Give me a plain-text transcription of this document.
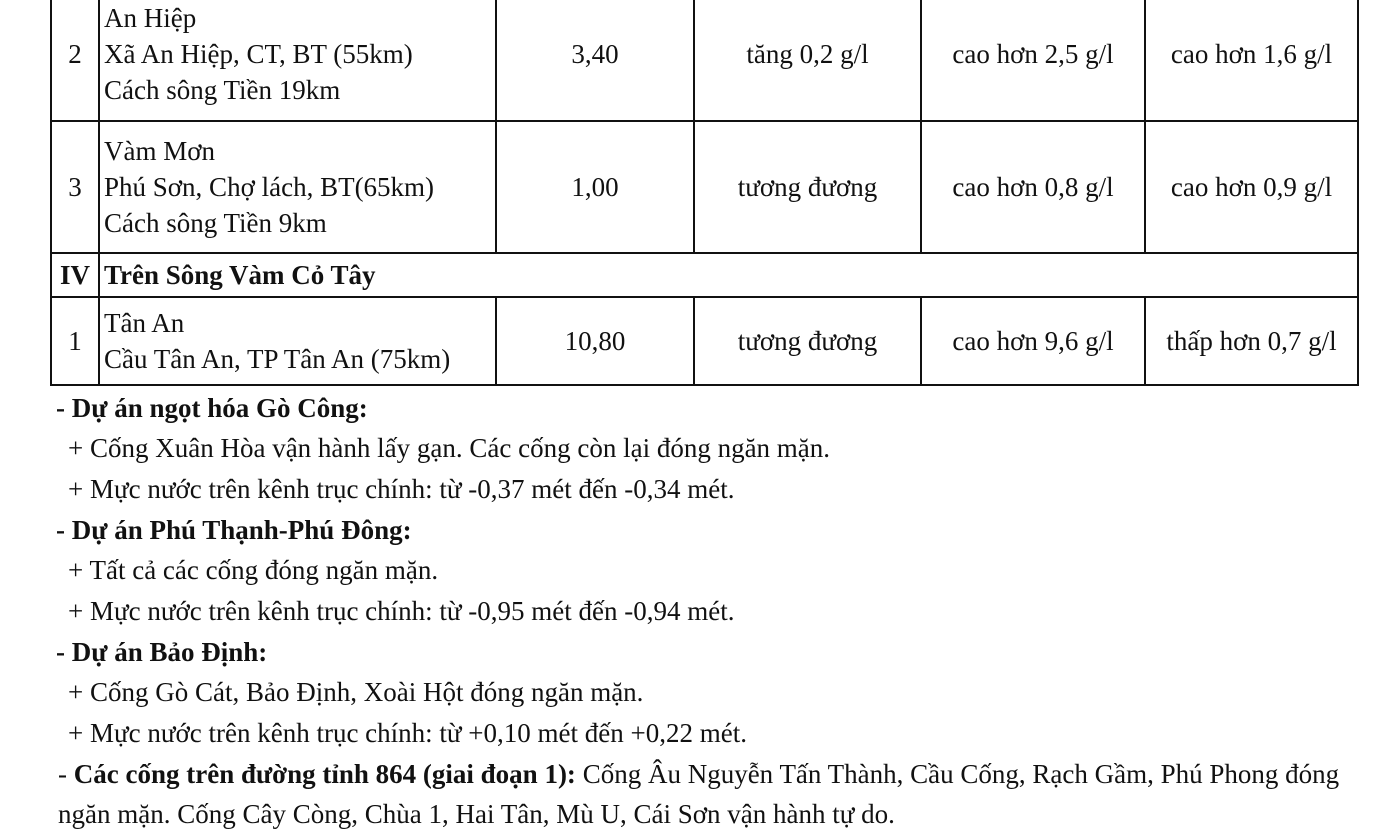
2	An Hiệp
Xã An Hiệp, CT, BT (55km)
Cách sông Tiền 19km	3,40	tăng 0,2 g/l	cao hơn 2,5 g/l	cao hơn 1,6 g/l
3	Vàm Mơn
Phú Sơn, Chợ lách, BT(65km)
Cách sông Tiền 9km	1,00	tương đương	cao hơn 0,8 g/l	cao hơn 0,9 g/l
IV	Trên Sông Vàm Cỏ Tây				
1	Tân An
Cầu Tân An, TP Tân An (75km)	10,80	tương đương	cao hơn 9,6 g/l	thấp hơn 0,7 g/l

- Dự án ngọt hóa Gò Công:

+ Cống Xuân Hòa vận hành lấy gạn. Các cống còn lại đóng ngăn mặn.

+ Mực nước trên kênh trục chính: từ -0,37 mét đến -0,34 mét.

- Dự án Phú Thạnh-Phú Đông:

+ Tất cả các cống đóng ngăn mặn.

+ Mực nước trên kênh trục chính: từ -0,95 mét đến -0,94 mét.

- Dự án Bảo Định:

+ Cống Gò Cát, Bảo Định, Xoài Hột đóng ngăn mặn.

+ Mực nước trên kênh trục chính: từ +0,10 mét đến +0,22 mét.

- Các cống trên đường tỉnh 864 (giai đoạn 1): Cống Âu Nguyễn Tấn Thành, Cầu Cống, Rạch Gầm, Phú Phong đóng ngăn mặn. Cống Cây Còng, Chùa 1, Hai Tân, Mù U, Cái Sơn vận hành tự do.
